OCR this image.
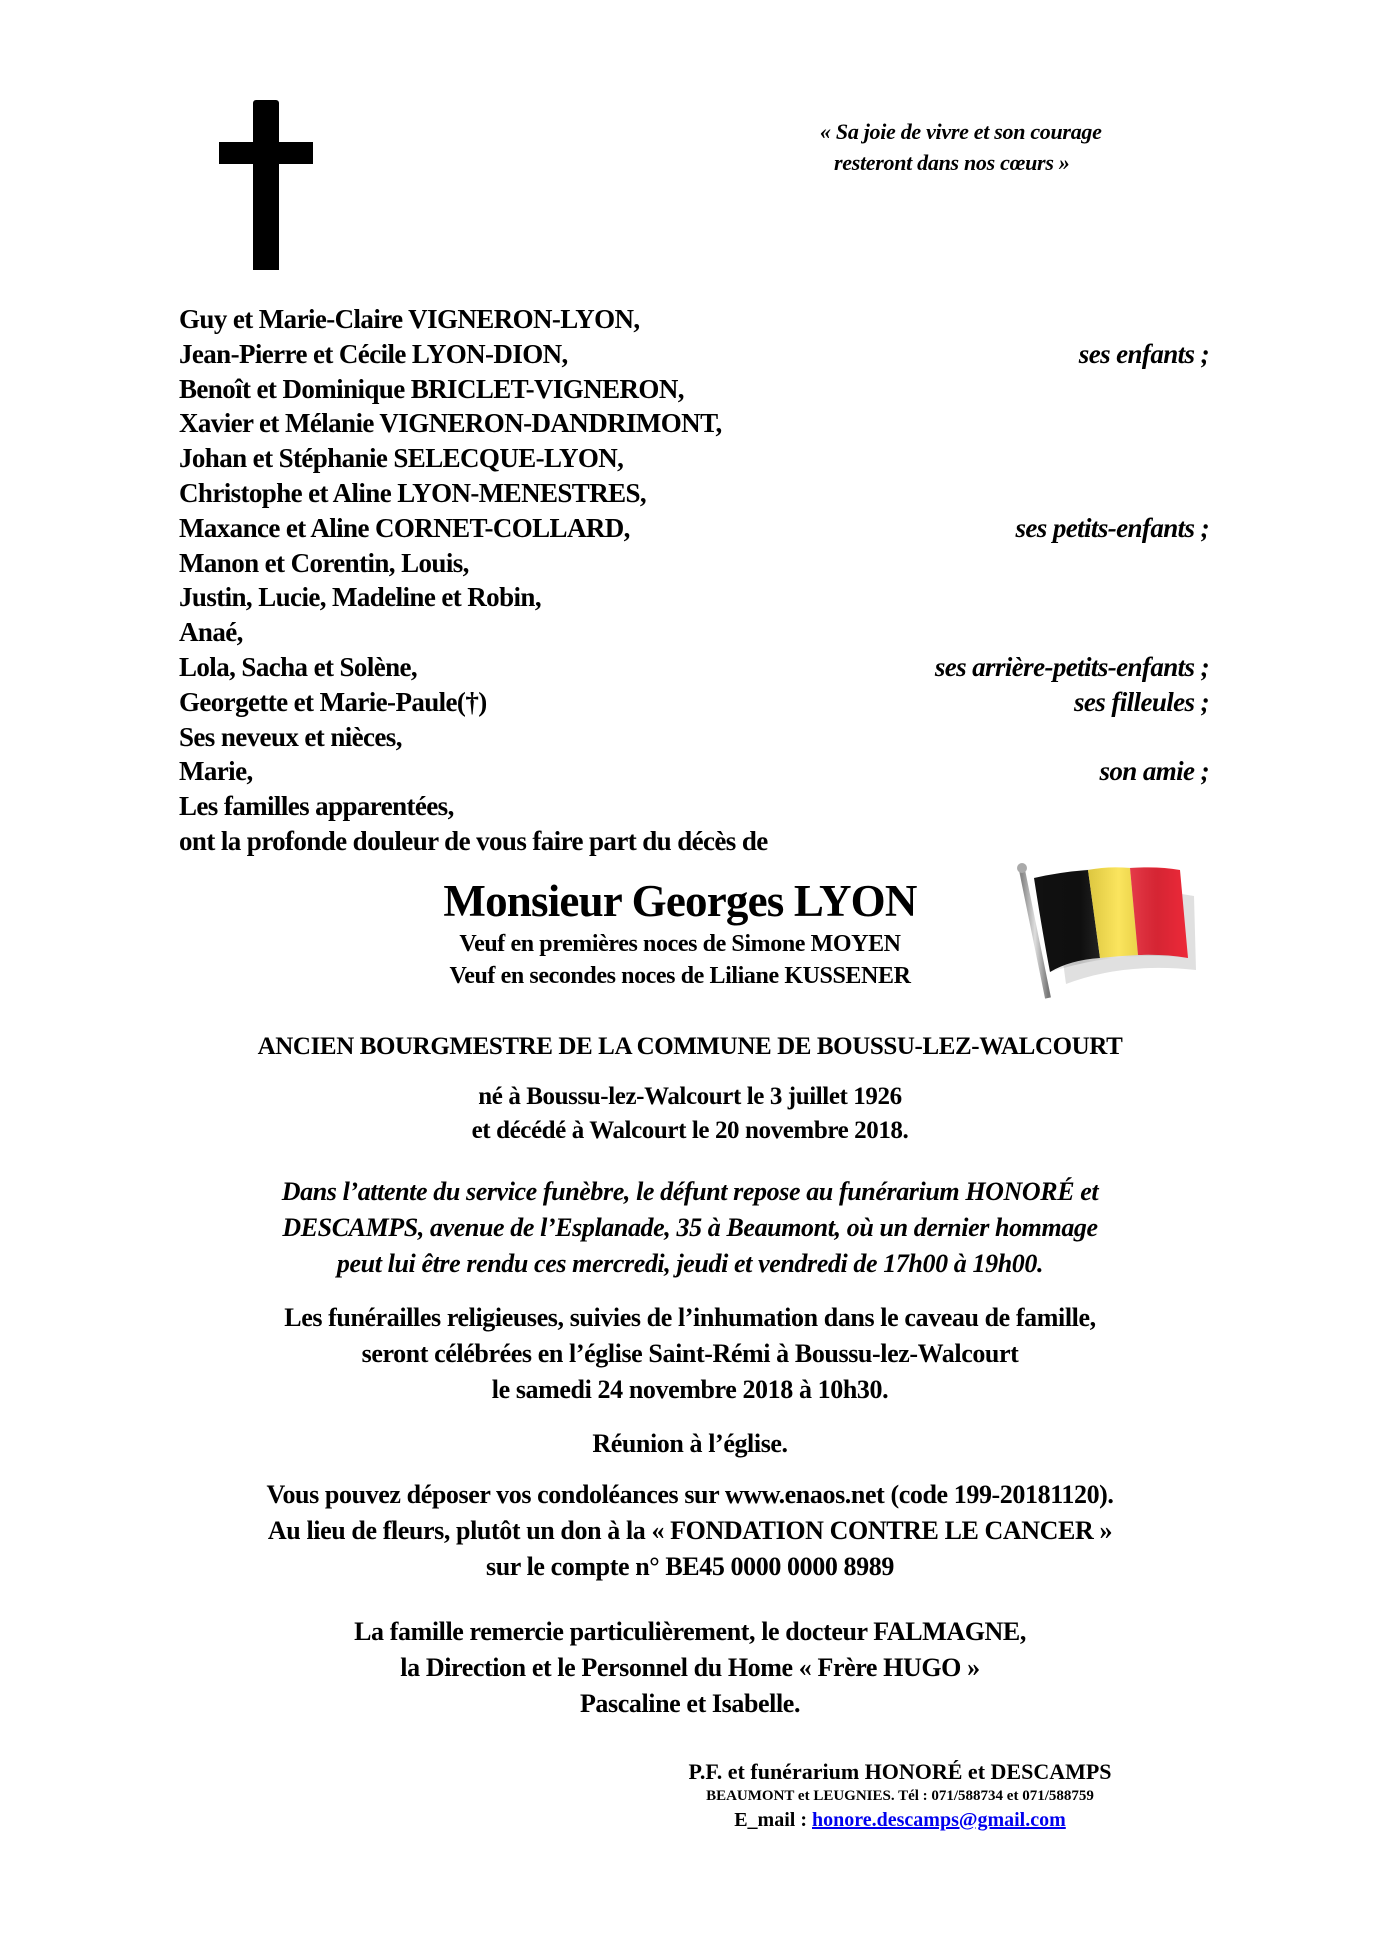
« Sa joie de vivre et son courage
resteront dans nos cœurs »
Guy et Marie-Claire VIGNERON-LYON,
Jean-Pierre et Cécile LYON-DION,	ses enfants ;
Benoît et Dominique BRICLET-VIGNERON,
Xavier et Mélanie VIGNERON-DANDRIMONT,
Johan et Stéphanie SELECQUE-LYON,
Christophe et Aline LYON-MENESTRES,
Maxance et Aline CORNET-COLLARD,	ses petits-enfants ;
Manon et Corentin, Louis,
Justin, Lucie, Madeline et Robin,
Anaé,
Lola, Sacha et Solène,	ses arrière-petits-enfants ;
Georgette et Marie-Paule(†)	ses filleules ;
Ses neveux et nièces,
Marie,	son amie ;
Les familles apparentées,
ont la profonde douleur de vous faire part du décès de
Monsieur Georges LYON
Veuf en premières noces de Simone MOYEN
Veuf en secondes noces de Liliane KUSSENER
ANCIEN BOURGMESTRE DE LA COMMUNE DE BOUSSU-LEZ-WALCOURT
né à Boussu-lez-Walcourt le 3 juillet 1926
et décédé à Walcourt le 20 novembre 2018.
Dans l’attente du service funèbre, le défunt repose au funérarium HONORÉ et
DESCAMPS, avenue de l’Esplanade, 35 à Beaumont, où un dernier hommage
peut lui être rendu ces mercredi, jeudi et vendredi de 17h00 à 19h00.
Les funérailles religieuses, suivies de l’inhumation dans le caveau de famille,
seront célébrées en l’église Saint-Rémi à Boussu-lez-Walcourt
le samedi 24 novembre 2018 à 10h30.
Réunion à l’église.
Vous pouvez déposer vos condoléances sur www.enaos.net (code 199-20181120).
Au lieu de fleurs, plutôt un don à la « FONDATION CONTRE LE CANCER »
sur le compte n° BE45 0000 0000 8989
La famille remercie particulièrement, le docteur FALMAGNE,
la Direction et le Personnel du Home « Frère HUGO »
Pascaline et Isabelle.
P.F. et funérarium HONORÉ et DESCAMPS
BEAUMONT et LEUGNIES. Tél : 071/588734 et 071/588759
E_mail : honore.descamps@gmail.com
